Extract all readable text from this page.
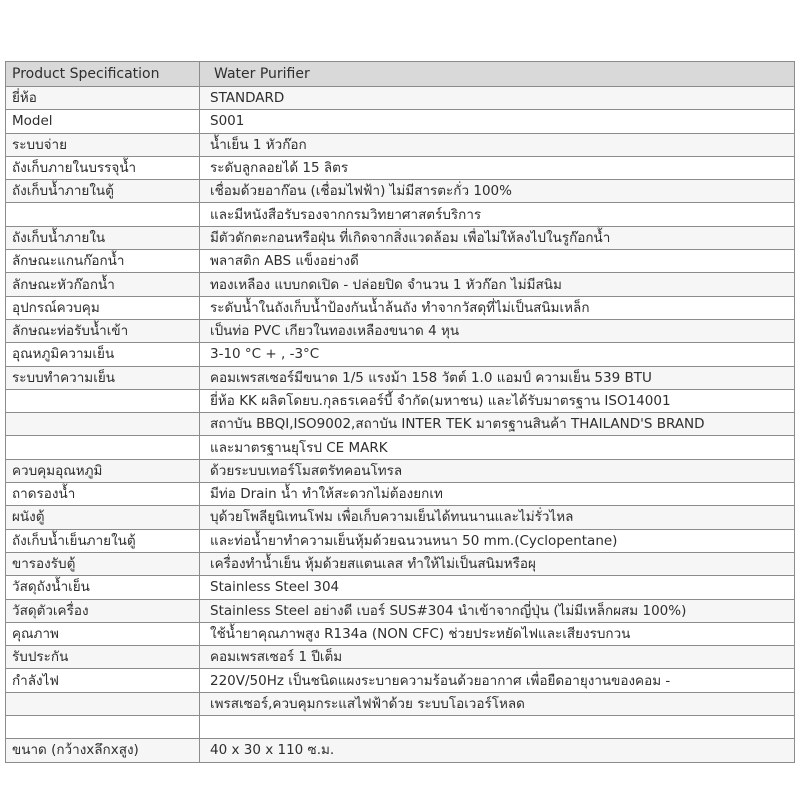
Product Specification	Water Purifier
ยี่ห้อ	STANDARD
Model	S001
ระบบจ่าย	น้ำเย็น 1 หัวก๊อก
ถังเก็บภายในบรรจุน้ำ	ระดับลูกลอยได้ 15 ลิตร
ถังเก็บน้ำภายในตู้	เชื่อมด้วยอาก๊อน (เชื่อมไฟฟ้า) ไม่มีสารตะกั่ว 100%
	และมีหนังสือรับรองจากกรมวิทยาศาสตร์บริการ
ถังเก็บน้ำภายใน	มีตัวดักตะกอนหรือฝุ่น ที่เกิดจากสิ่งแวดล้อม เพื่อไม่ให้ลงไปในรูก๊อกน้ำ
ลักษณะแกนก๊อกน้ำ	พลาสติก ABS แข็งอย่างดี
ลักษณะหัวก๊อกน้ำ	ทองเหลือง แบบกดเปิด - ปล่อยปิด จำนวน 1 หัวก๊อก ไม่มีสนิม
อุปกรณ์ควบคุม	ระดับน้ำในถังเก็บน้ำป้องกันน้ำล้นถัง ทำจากวัสดุที่ไม่เป็นสนิมเหล็ก
ลักษณะท่อรับน้ำเข้า	เป็นท่อ PVC เกียวในทองเหลืองขนาด 4 หุน
อุณหภูมิความเย็น	3-10 °C + , -3°C
ระบบทำความเย็น	คอมเพรสเซอร์มีขนาด 1/5 แรงม้า 158 วัตต์ 1.0 แอมป์ ความเย็น 539 BTU
	ยี่ห้อ KK ผลิตโดยบ.กุลธรเคอร์บี้ จำกัด(มหาชน) และได้รับมาตรฐาน ISO14001
	สถาบัน BBQI,ISO9002,สถาบัน INTER TEK มาตรฐานสินค้า THAILAND'S BRAND
	และมาตรฐานยุโรป CE MARK
ควบคุมอุณหภูมิ	ด้วยระบบเทอร์โมสตรัทคอนโทรล
ถาดรองน้ำ	มีท่อ Drain น้ำ ทำให้สะดวกไม่ต้องยกเท
ผนังตู้	บุด้วยโพลียูนิเทนโฟม เพื่อเก็บความเย็นได้ทนนานและไม่รั่วไหล
ถังเก็บน้ำเย็นภายในตู้	และท่อน้ำยาทำความเย็นหุ้มด้วยฉนวนหนา 50 mm.(Cyclopentane)
ขารองรับตู้	เครื่องทำน้ำเย็น หุ้มด้วยสแตนเลส ทำให้ไม่เป็นสนิมหรือผุ
วัสดุถังน้ำเย็น	Stainless Steel 304
วัสดุตัวเครื่อง	Stainless Steel อย่างดี เบอร์ SUS#304 นำเข้าจากญี่ปุ่น (ไม่มีเหล็กผสม 100%)
คุณภาพ	ใช้น้ำยาคุณภาพสูง R134a (NON CFC) ช่วยประหยัดไฟและเสียงรบกวน
รับประกัน	คอมเพรสเซอร์ 1 ปีเต็ม
กำลังไฟ	220V/50Hz เป็นชนิดแผงระบายความร้อนด้วยอากาศ เพื่อยืดอายุงานของคอม -
	เพรสเซอร์,ควบคุมกระแสไฟฟ้าด้วย ระบบโอเวอร์โหลด

ขนาด (กว้างxลึกxสูง)	40 x 30 x 110 ซ.ม.
